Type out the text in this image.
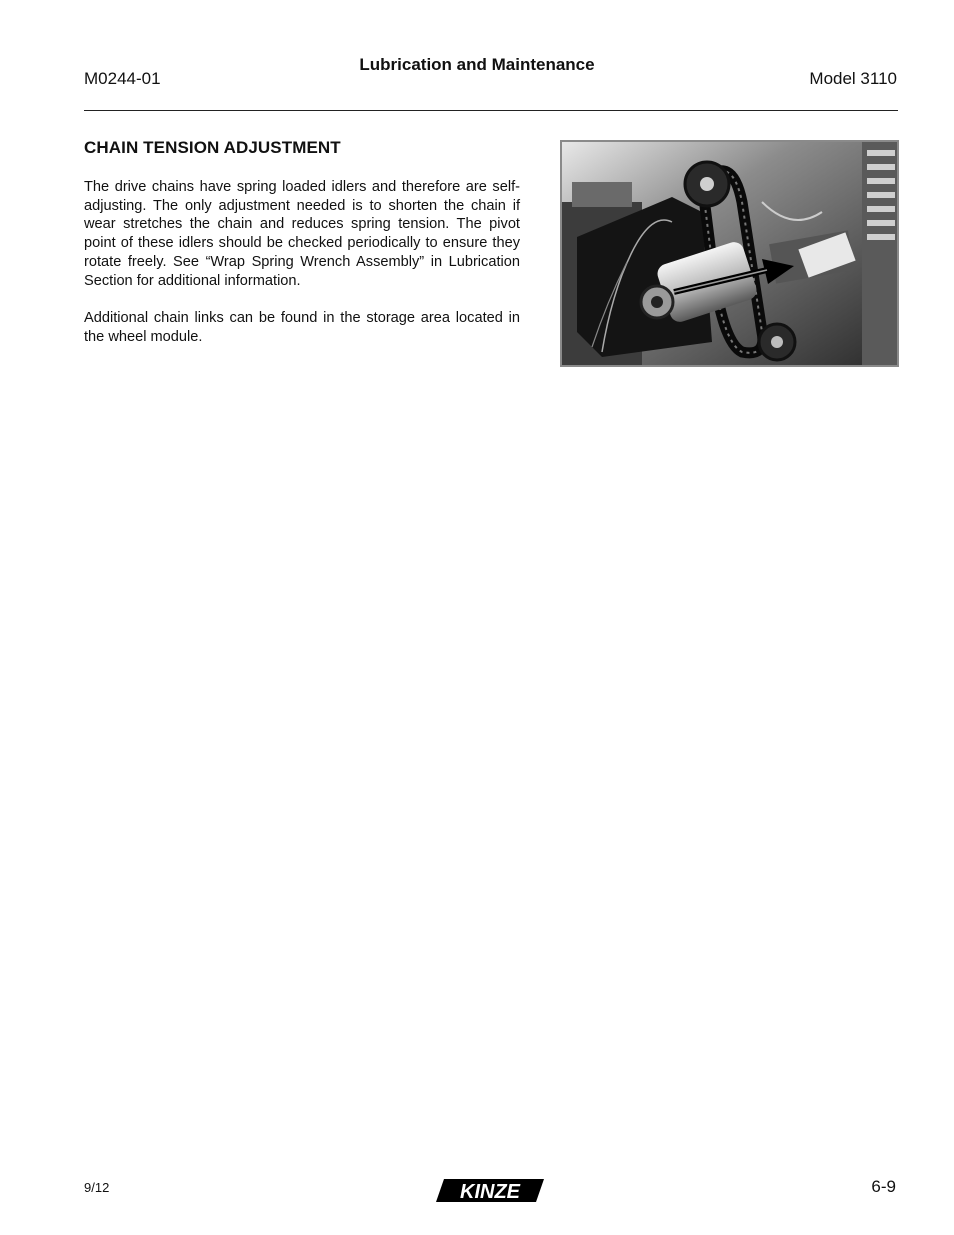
M0244-01
Lubrication and Maintenance
Model 3110
CHAIN TENSION ADJUSTMENT

The drive chains have spring loaded idlers and therefore are self-adjusting. The only adjustment needed is to shorten the chain if wear stretches the chain and reduces spring tension. The pivot point of these idlers should be checked periodically to ensure they rotate freely. See “Wrap Spring Wrench Assembly” in Lubrication Section for additional information.

Additional chain links can be found in the storage area located in the wheel module.

9/12	KINZE	6-9
